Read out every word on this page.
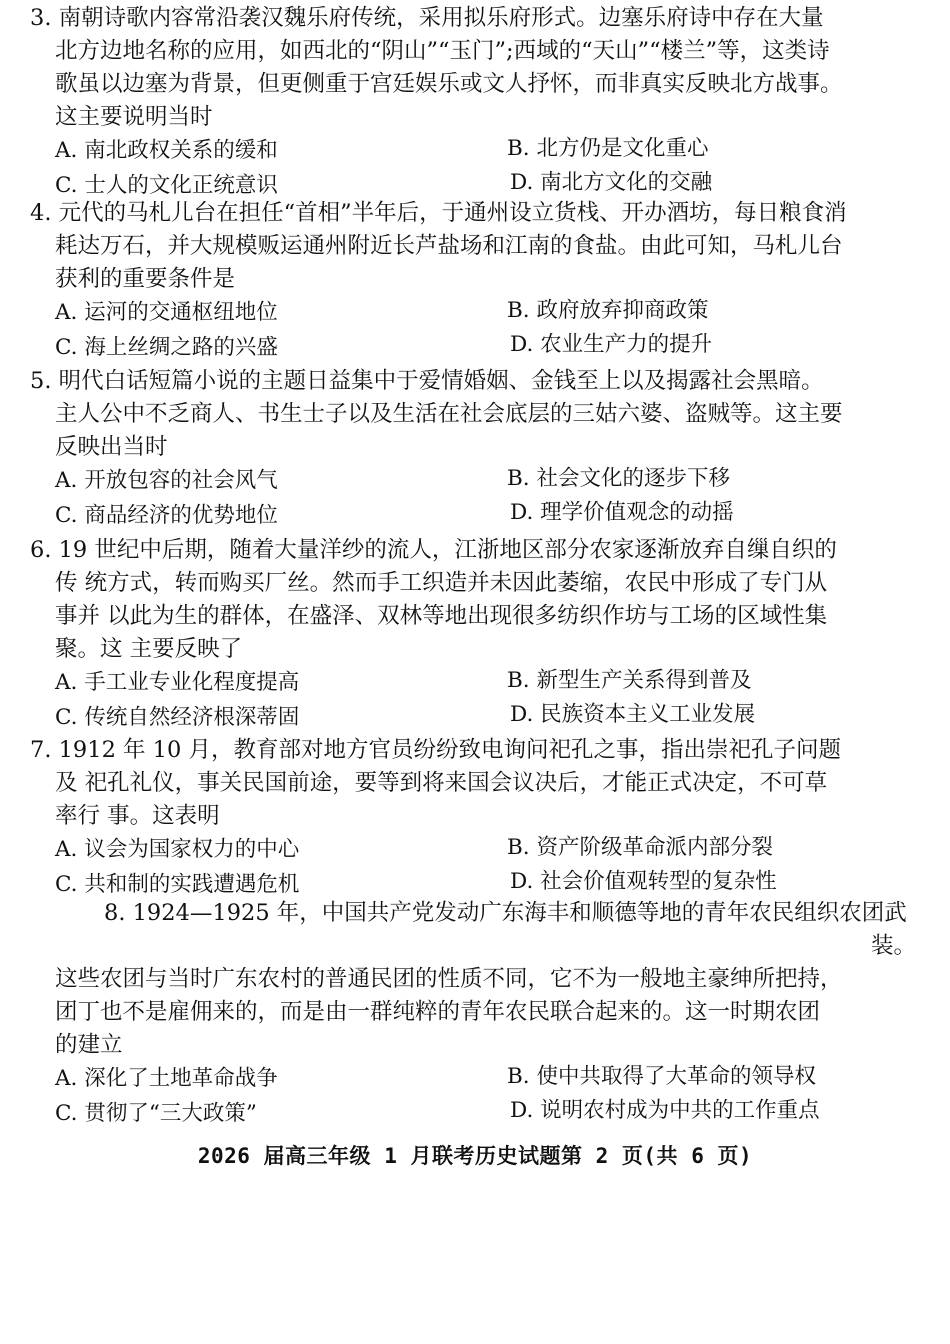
3. 南朝诗歌内容常沿袭汉魏乐府传统，采用拟乐府形式。边塞乐府诗中存在大量
北方边地名称的应用，如西北的“阴山”“玉门”;西域的“天山”“楼兰”等，这类诗
歌虽以边塞为背景，但更侧重于宫廷娱乐或文人抒怀，而非真实反映北方战事。
这主要说明当时
A. 南北政权关系的缓和	B. 北方仍是文化重心
C. 士人的文化正统意识	D. 南北方文化的交融
4. 元代的马札儿台在担任“首相”半年后，于通州设立货栈、开办酒坊，每日粮食消
耗达万石，并大规模贩运通州附近长芦盐场和江南的食盐。由此可知，马札儿台
获利的重要条件是
A. 运河的交通枢纽地位	B. 政府放弃抑商政策
C. 海上丝绸之路的兴盛	D. 农业生产力的提升
5. 明代白话短篇小说的主题日益集中于爱情婚姻、金钱至上以及揭露社会黑暗。
主人公中不乏商人、书生士子以及生活在社会底层的三姑六婆、盗贼等。这主要
反映出当时
A. 开放包容的社会风气	B. 社会文化的逐步下移
C. 商品经济的优势地位	D. 理学价值观念的动摇
6. 19 世纪中后期，随着大量洋纱的流人，江浙地区部分农家逐渐放弃自缫自织的
传 统方式，转而购买厂丝。然而手工织造并未因此萎缩，农民中形成了专门从
事并 以此为生的群体，在盛泽、双林等地出现很多纺织作坊与工场的区域性集
聚。这 主要反映了
A. 手工业专业化程度提高	B. 新型生产关系得到普及
C. 传统自然经济根深蒂固	D. 民族资本主义工业发展
7. 1912 年 10 月，教育部对地方官员纷纷致电询问祀孔之事，指出崇祀孔子问题
及 祀孔礼仪，事关民国前途，要等到将来国会议决后，才能正式决定，不可草
率行 事。这表明
A. 议会为国家权力的中心	B. 资产阶级革命派内部分裂
C. 共和制的实践遭遇危机	D. 社会价值观转型的复杂性
8. 1924—1925 年，中国共产党发动广东海丰和顺德等地的青年农民组织农团武
装。
这些农团与当时广东农村的普通民团的性质不同，它不为一般地主豪绅所把持，
团丁也不是雇佣来的，而是由一群纯粹的青年农民联合起来的。这一时期农团
的建立
A. 深化了土地革命战争	B. 使中共取得了大革命的领导权
C. 贯彻了“三大政策”	D. 说明农村成为中共的工作重点
2026 届高三年级 1 月联考历史试题第 2 页(共 6 页)
